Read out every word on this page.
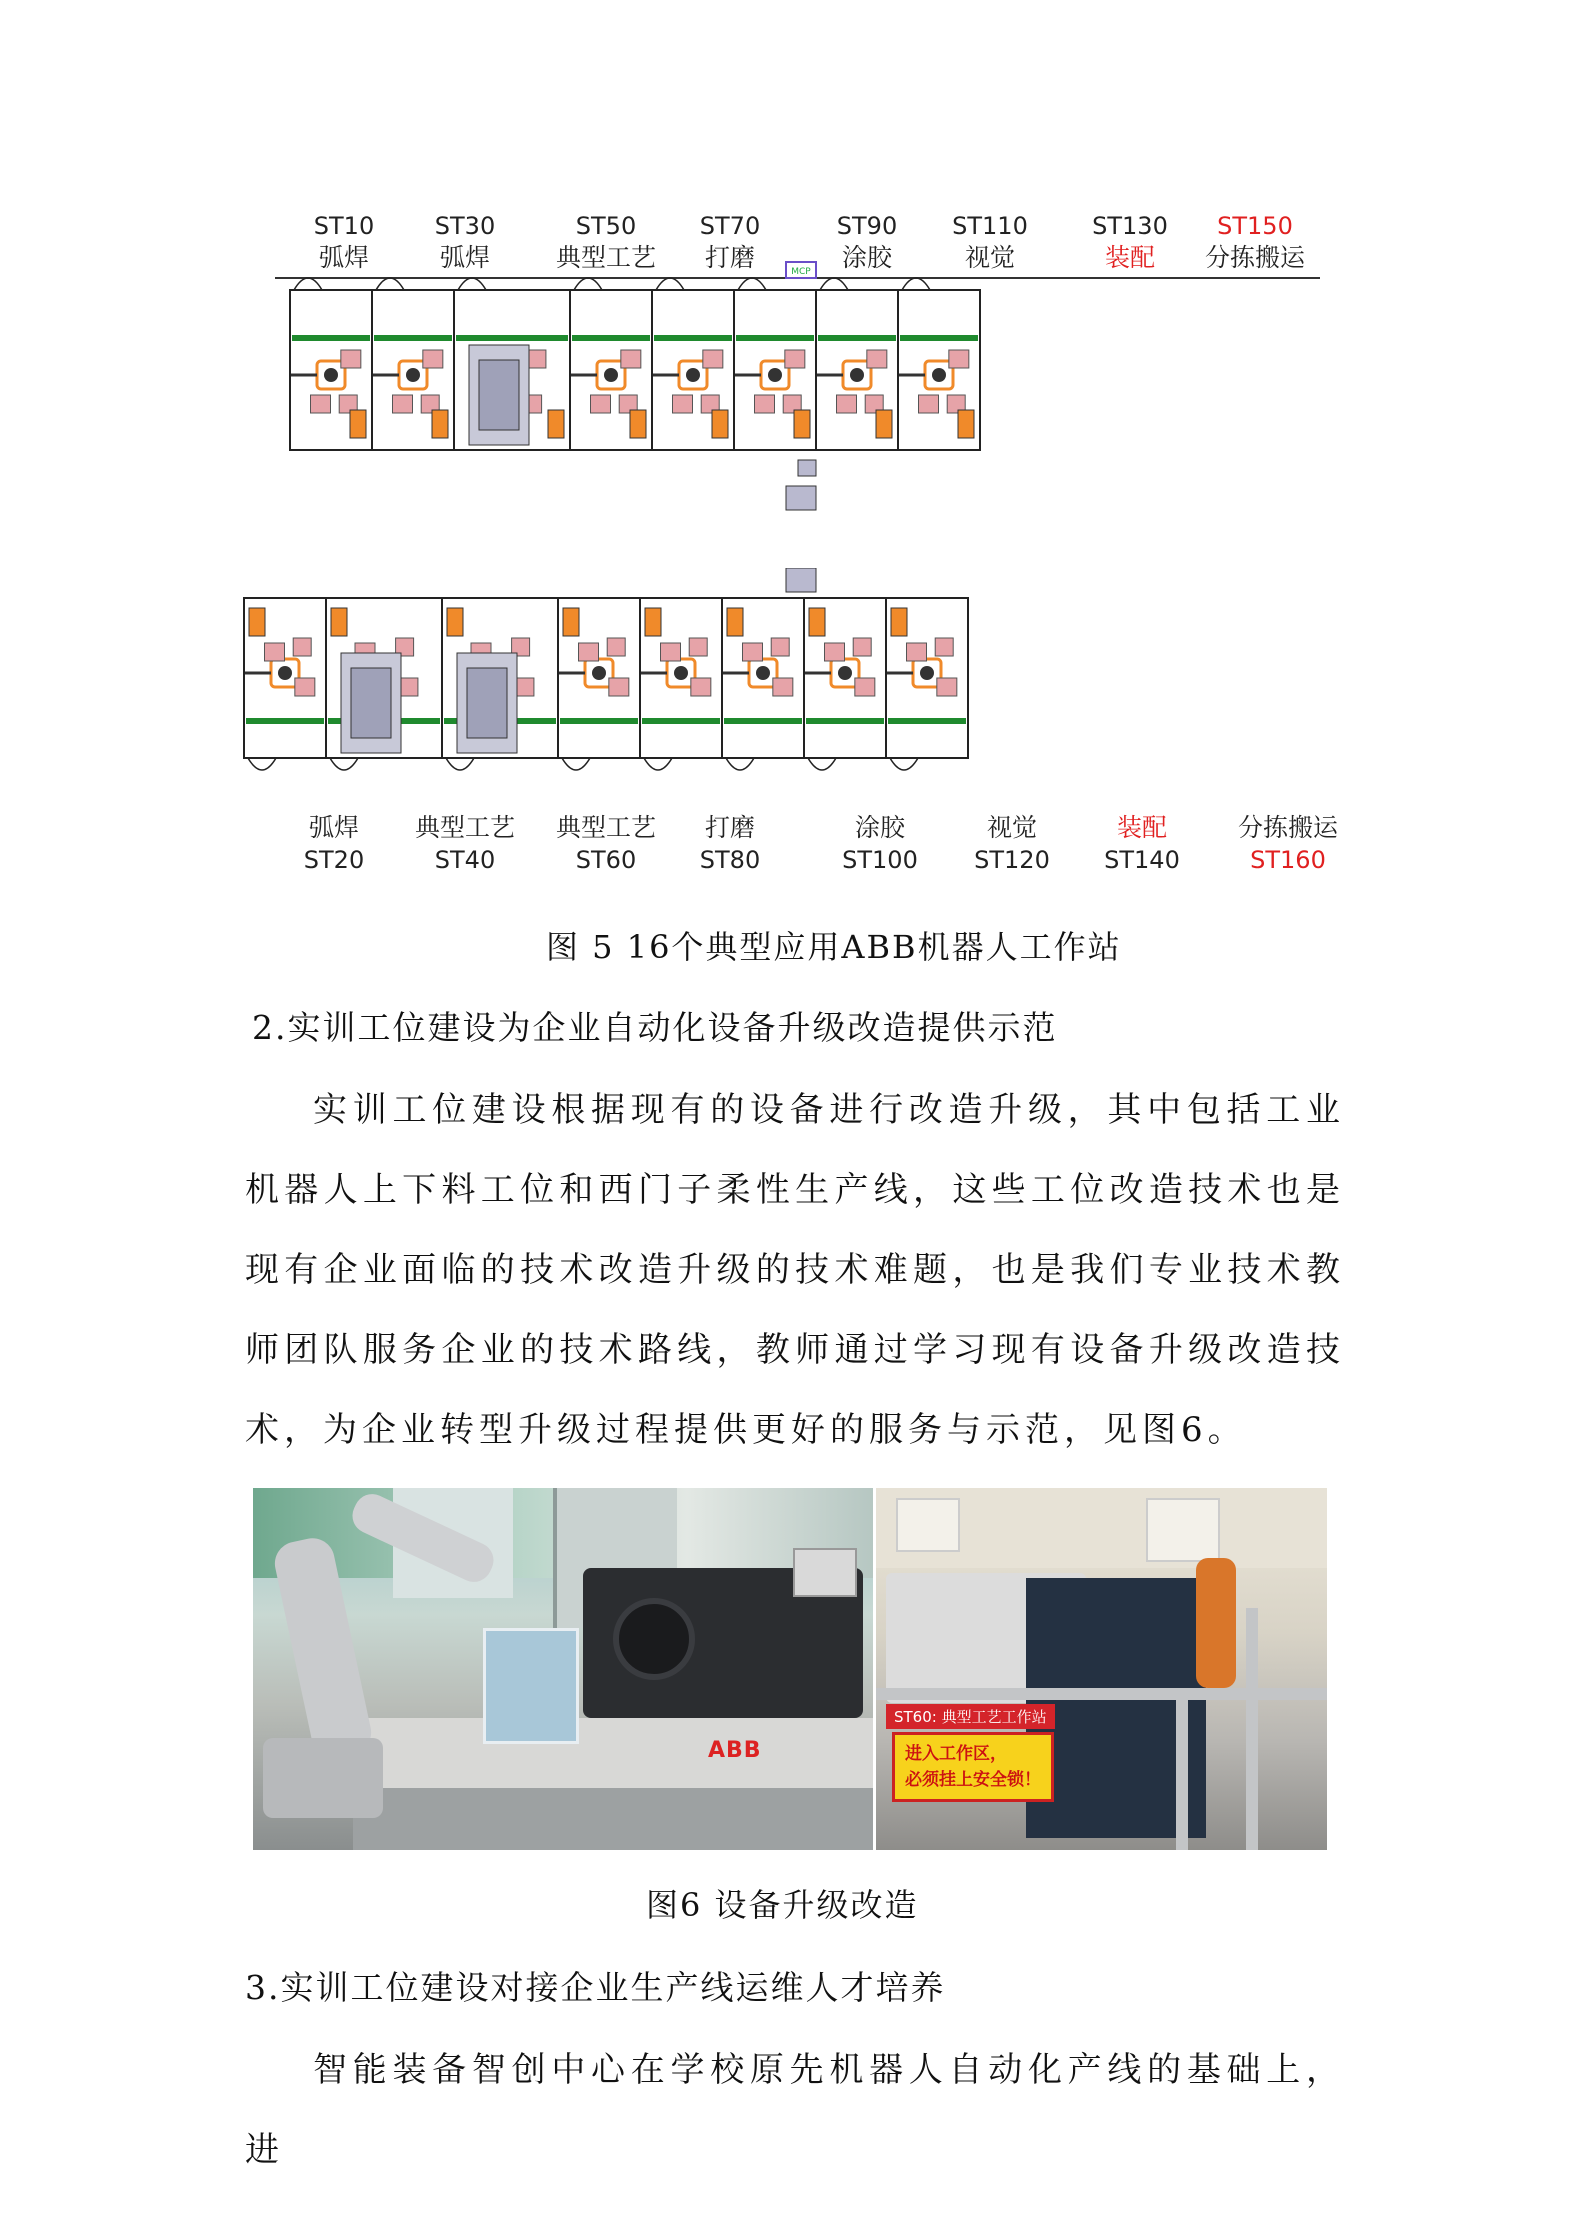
ST10
弧焊
ST30
弧焊
ST50
典型工艺
ST70
打磨
ST90
涂胶
ST110
视觉
ST130
装配
ST150
分拣搬运
弧焊
ST20
典型工艺
ST40
典型工艺
ST60
打磨
ST80
涂胶
ST100
视觉
ST120
装配
ST140
分拣搬运
ST160
MCP
图 5 16个典型应用ABB机器人工作站
2.实训工位建设为企业自动化设备升级改造提供示范

实训工位建设根据现有的设备进行改造升级，其中包括工业机器人上下料工位和西门子柔性生产线，这些工位改造技术也是现有企业面临的技术改造升级的技术难题，也是我们专业技术教师团队服务企业的技术路线，教师通过学习现有设备升级改造技术，为企业转型升级过程提供更好的服务与示范，见图6。

ABB
ST60: 典型工艺工作站
进入工作区，
必须挂上安全锁！
图6 设备升级改造
3.实训工位建设对接企业生产线运维人才培养

智能装备智创中心在学校原先机器人自动化产线的基础上，进
